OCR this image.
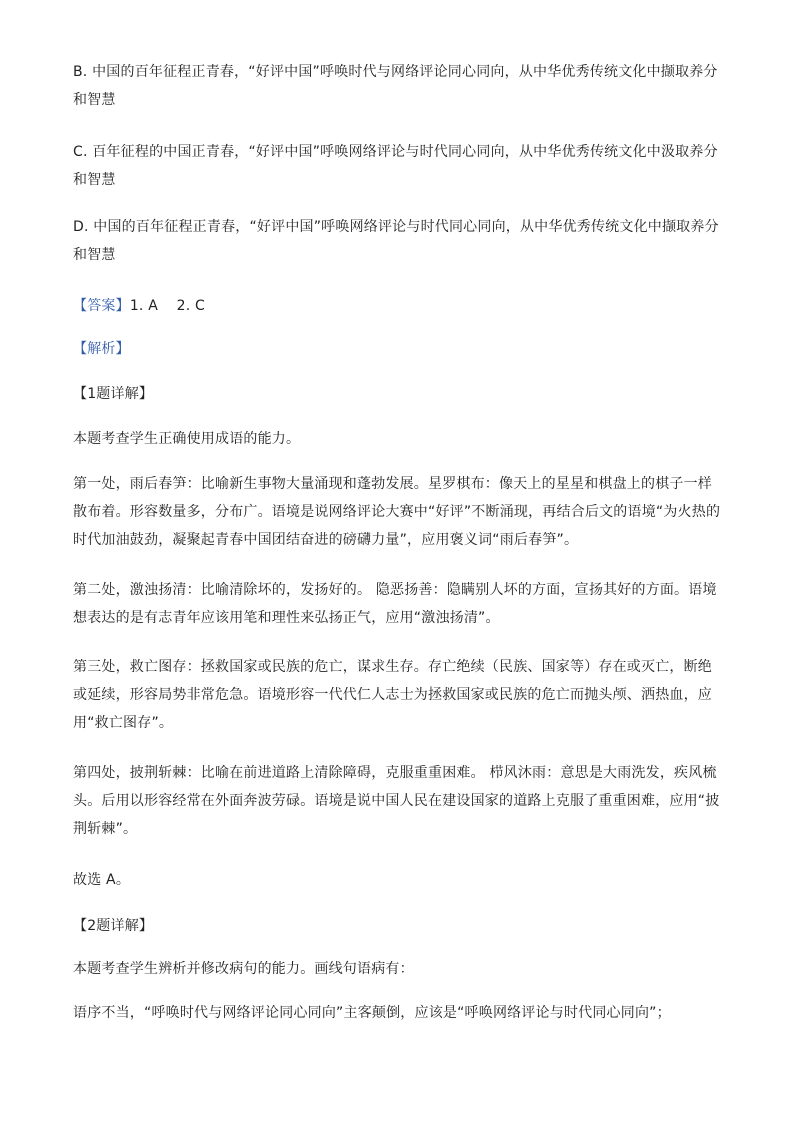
B. 中国的百年征程正青春，“好评中国”呼唤时代与网络评论同心同向，从中华优秀传统文化中撷取养分
和智慧

C. 百年征程的中国正青春，“好评中国”呼唤网络评论与时代同心同向，从中华优秀传统文化中汲取养分
和智慧

D. 中国的百年征程正青春，“好评中国”呼唤网络评论与时代同心同向，从中华优秀传统文化中撷取养分
和智慧

【答案】1. A    2. C

【解析】

【1题详解】

本题考查学生正确使用成语的能力。

第一处，雨后春笋：比喻新生事物大量涌现和蓬勃发展。星罗棋布：像天上的星星和棋盘上的棋子一样散布着。形容数量多，分布广。语境是说网络评论大赛中“好评”不断涌现，再结合后文的语境“为火热的时代加油鼓劲，凝聚起青春中国团结奋进的磅礴力量”，应用褒义词“雨后春笋”。

第二处，激浊扬清：比喻清除坏的，发扬好的。 隐恶扬善：隐瞒别人坏的方面，宣扬其好的方面。语境想表达的是有志青年应该用笔和理性来弘扬正气，应用“激浊扬清”。

第三处，救亡图存：拯救国家或民族的危亡，谋求生存。存亡绝续（民族、国家等）存在或灭亡，断绝或延续，形容局势非常危急。语境形容一代代仁人志士为拯救国家或民族的危亡而抛头颅、洒热血，应用“救亡图存”。

第四处，披荆斩棘：比喻在前进道路上清除障碍，克服重重困难。 栉风沐雨：意思是大雨洗发，疾风梳头。后用以形容经常在外面奔波劳碌。语境是说中国人民在建设国家的道路上克服了重重困难，应用“披荆斩棘”。

故选 A。

【2题详解】

本题考查学生辨析并修改病句的能力。画线句语病有：

语序不当，“呼唤时代与网络评论同心同向”主客颠倒，应该是“呼唤网络评论与时代同心同向”；
